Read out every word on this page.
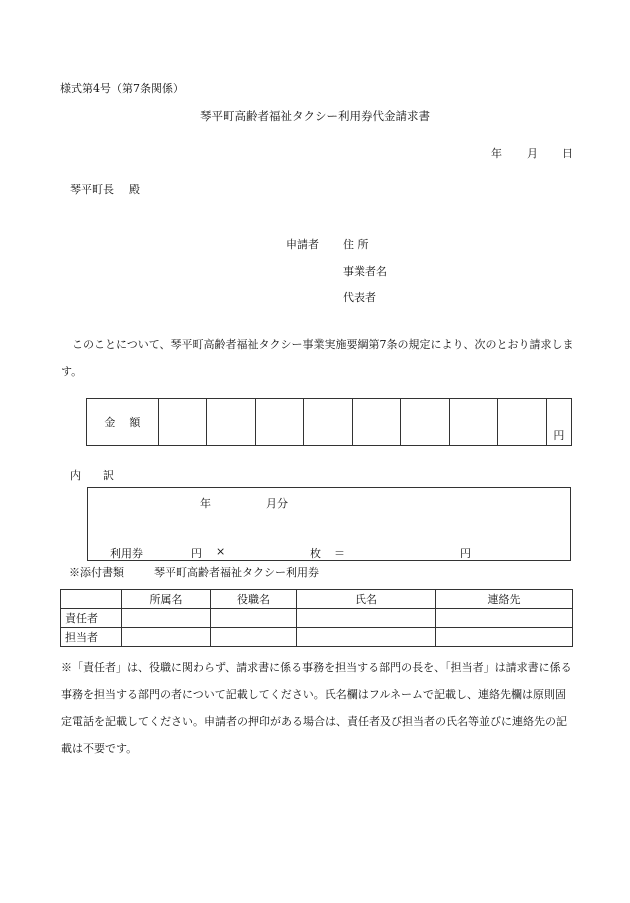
様式第4号（第7条関係）
琴平町高齢者福祉タクシー利用券代金請求書
年 月 日
琴平町長 殿
申請者 住 所
事業者名
代表者
このことについて、琴平町高齢者福祉タクシー事業実施要綱第7条の規定により、次のとおり請求します。
金 額									円
内 訳
年	月分
利用券	円 ×	枚 ＝	円
※添付書類	琴平町高齢者福祉タクシー利用券
	所属名	役職名	氏名	連絡先
責任者				
担当者				
※「責任者」は、役職に関わらず、請求書に係る事務を担当する部門の長を、「担当者」は請求書に係る事務を担当する部門の者について記載してください。氏名欄はフルネームで記載し、連絡先欄は原則固定電話を記載してください。申請者の押印がある場合は、責任者及び担当者の氏名等並びに連絡先の記載は不要です。
